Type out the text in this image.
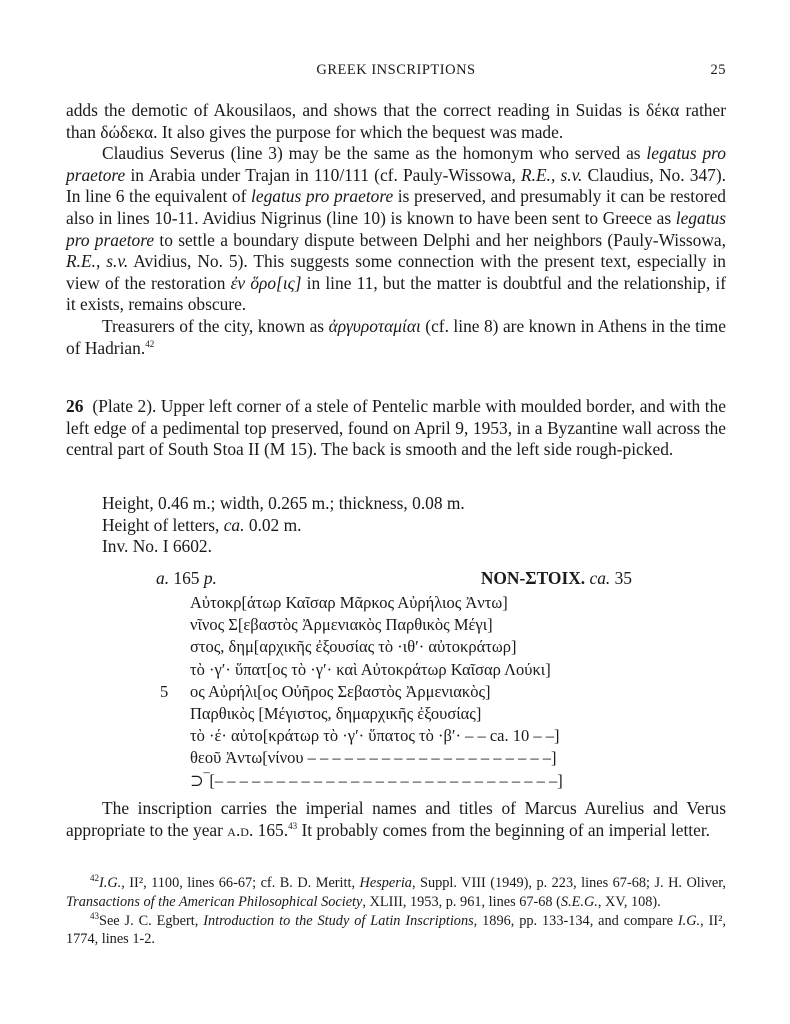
GREEK INSCRIPTIONS	25

adds the demotic of Akousilaos, and shows that the correct reading in Suidas is δέκα rather than δώδεκα. It also gives the purpose for which the bequest was made.

Claudius Severus (line 3) may be the same as the homonym who served as legatus pro praetore in Arabia under Trajan in 110/111 (cf. Pauly-Wissowa, R.E., s.v. Claudius, No. 347). In line 6 the equivalent of legatus pro praetore is preserved, and presumably it can be restored also in lines 10-11. Avidius Nigrinus (line 10) is known to have been sent to Greece as legatus pro praetore to settle a boundary dispute between Delphi and her neighbors (Pauly-Wissowa, R.E., s.v. Avidius, No. 5). This suggests some connection with the present text, especially in view of the restoration ἐν ὅρο[ις] in line 11, but the matter is doubtful and the relationship, if it exists, remains obscure.

Treasurers of the city, known as ἀργυροταμίαι (cf. line 8) are known in Athens in the time of Hadrian.$^{42}$

26 (Plate 2). Upper left corner of a stele of Pentelic marble with moulded border, and with the left edge of a pedimental top preserved, found on April 9, 1953, in a Byzantine wall across the central part of South Stoa II (M 15). The back is smooth and the left side rough-picked.

Height, 0.46 m.; width, 0.265 m.; thickness, 0.08 m.
Height of letters, ca. 0.02 m.
Inv. No. I 6602.
a. 165 p.	NON-ΣΤΟΙΧ. ca. 35
Αὐτοκρ[άτωρ Καῖσαρ Μᾶρκος Αὐρήλιος Ἀντω]
νῖνος Σ[εβαστὸς Ἀρμενιακὸς Παρθικὸς Μέγι]
στος, δημ[αρχικῆς ἐξουσίας τὸ ·ιθʹ· αὐτοκράτωρ]
τὸ ·γʹ· ὕπατ[ος τὸ ·γʹ· καὶ Αὐτοκράτωρ Καῖσαρ Λούκι]
5 ος Αὐρήλι[ος Οὐῆρος Σεβαστὸς Ἀρμενιακὸς]
Παρθικὸς [Μέγιστος, δημαρχικῆς ἐξουσίας]
τὸ ·έ· αὐτο[κράτωρ τὸ ·γʹ· ὕπατος τὸ ·βʹ· – – ca. 10 – –]
θεοῦ Ἀντω[νίνου – – – – – – – – – – – – – – – – – – – –]
⊃‾[– – – – – – – – – – – – – – – – – – – – – – – – – – – –]

The inscription carries the imperial names and titles of Marcus Aurelius and Verus appropriate to the year a.d. 165.43 It probably comes from the beginning of an imperial letter.

$^{42}$I.G., II², 1100, lines 66-67; cf. B. D. Meritt, Hesperia, Suppl. VIII (1949), p. 223, lines 67-68; J. H. Oliver, Transactions of the American Philosophical Society, XLIII, 1953, p. 961, lines 67-68 (S.E.G., XV, 108).

$^{43}$See J. C. Egbert, Introduction to the Study of Latin Inscriptions, 1896, pp. 133-134, and compare I.G., II², 1774, lines 1-2.
